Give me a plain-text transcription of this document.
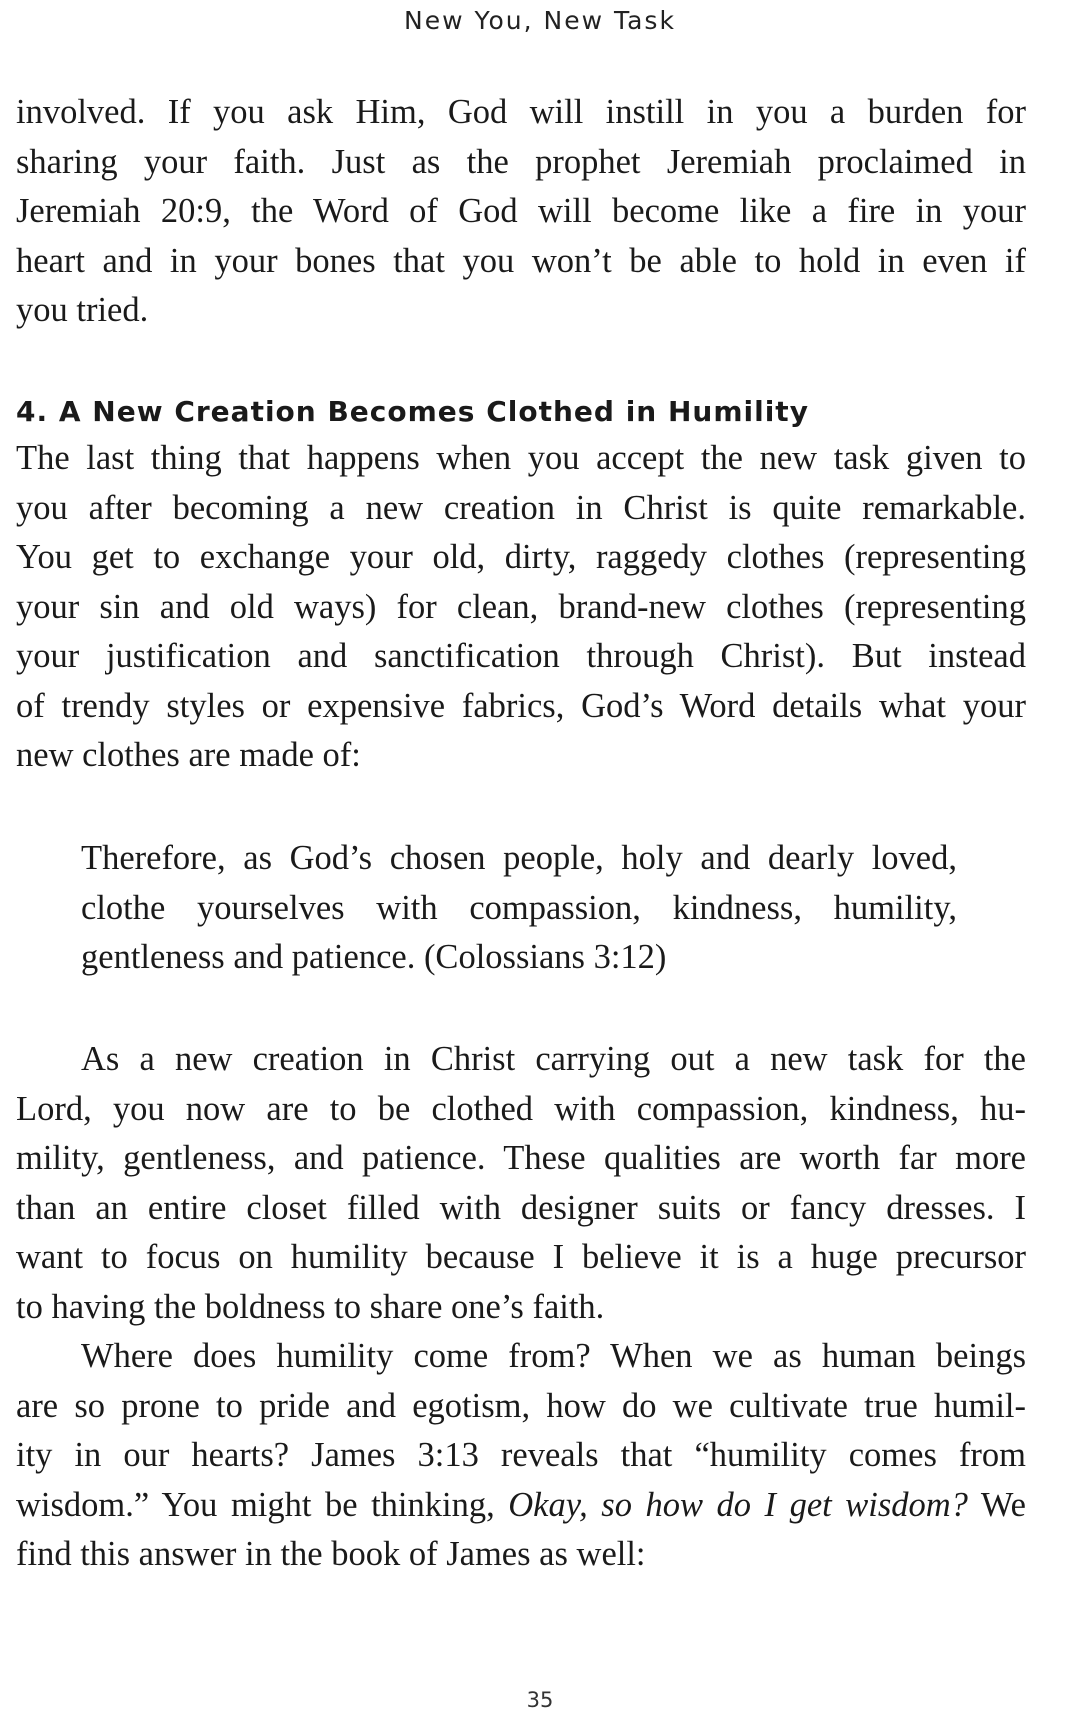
New You, New Task
involved. If you ask Him, God will instill in you a burden for
sharing your faith. Just as the prophet Jeremiah proclaimed in
Jeremiah 20:9, the Word of God will become like a fire in your
heart and in your bones that you won’t be able to hold in even if
you tried.
4. A New Creation Becomes Clothed in Humility
The last thing that happens when you accept the new task given to
you after becoming a new creation in Christ is quite remarkable.
You get to exchange your old, dirty, raggedy clothes (representing
your sin and old ways) for clean, brand-new clothes (representing
your justification and sanctification through Christ). But instead
of trendy styles or expensive fabrics, God’s Word details what your
new clothes are made of:
Therefore, as God’s chosen people, holy and dearly loved,
clothe yourselves with compassion, kindness, humility,
gentleness and patience. (Colossians 3:12)
As a new creation in Christ carrying out a new task for the
Lord, you now are to be clothed with compassion, kindness, hu-
mility, gentleness, and patience. These qualities are worth far more
than an entire closet filled with designer suits or fancy dresses. I
want to focus on humility because I believe it is a huge precursor
to having the boldness to share one’s faith.
Where does humility come from? When we as human beings
are so prone to pride and egotism, how do we cultivate true humil-
ity in our hearts? James 3:13 reveals that “humility comes from
wisdom.” You might be thinking, Okay, so how do I get wisdom? We
find this answer in the book of James as well:
35
